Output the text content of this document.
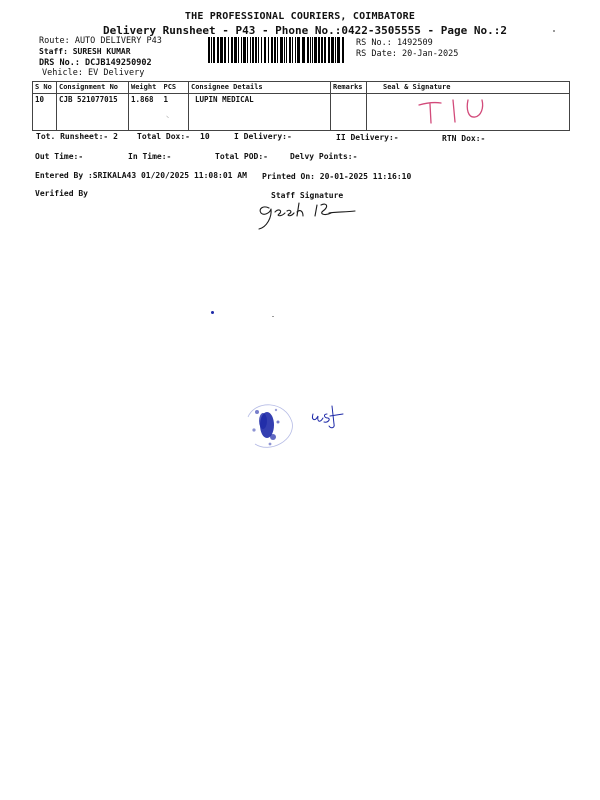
THE PROFESSIONAL COURIERS, COIMBATORE
Delivery Runsheet - P43 - Phone No.:0422-3505555 - Page No.:2
Route: AUTO DELIVERY P43
Staff: SURESH KUMAR
DRS No.: DCJB149250902
Vehicle: EV Delivery
RS No.: 1492509
RS Date: 20-Jan-2025
S No	Consignment No	Weight	PCS	Consignee Details	Remarks	Seal & Signature
10	CJB 521077015	1.868	1	LUPIN MEDICAL		
⸌
Tot. Runsheet:- 2 Total Dox:- 10	I Delivery:-	II Delivery:-	RTN Dox:-
Out Time:-	In Time:-	Total POD:-	Delvy Points:-
Entered By :SRIKALA43 01/20/2025 11:08:01 AM Printed On: 20-01-2025 11:16:10
Verified By	Staff Signature
